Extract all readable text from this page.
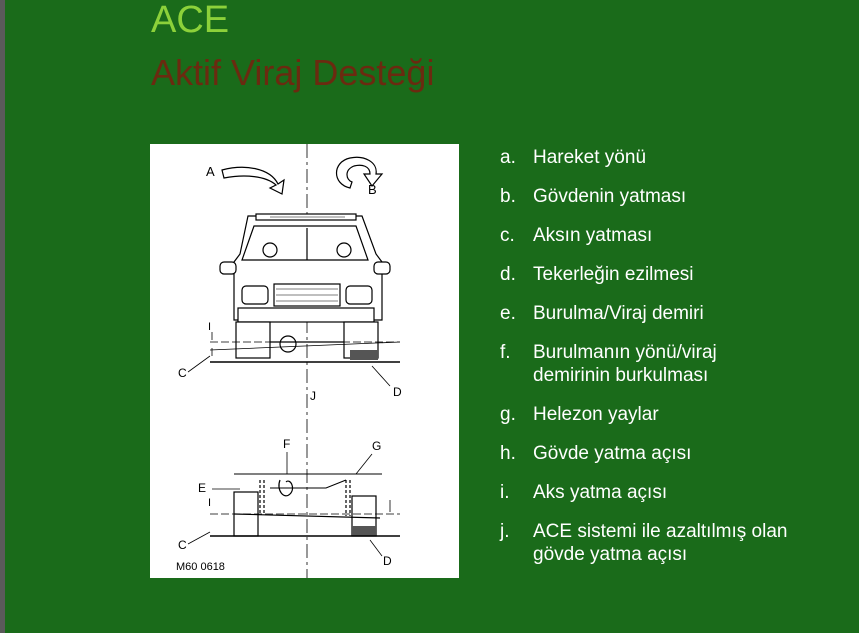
ACE
Aktif Viraj Desteği
A
B
I
C
D
J
F	G
E
I
C
D
M60 0618
a. Hareket yönü
b. Gövdenin yatması
c. Aksın yatması
d. Tekerleğin ezilmesi
e. Burulma/Viraj demiri
f.	Burulmanın yönü/viraj demirinin burkulması
g. Helezon yaylar
h. Gövde yatma açısı
i.	Aks yatma açısı
j.	ACE sistemi ile azaltılmış olan gövde yatma açısı
